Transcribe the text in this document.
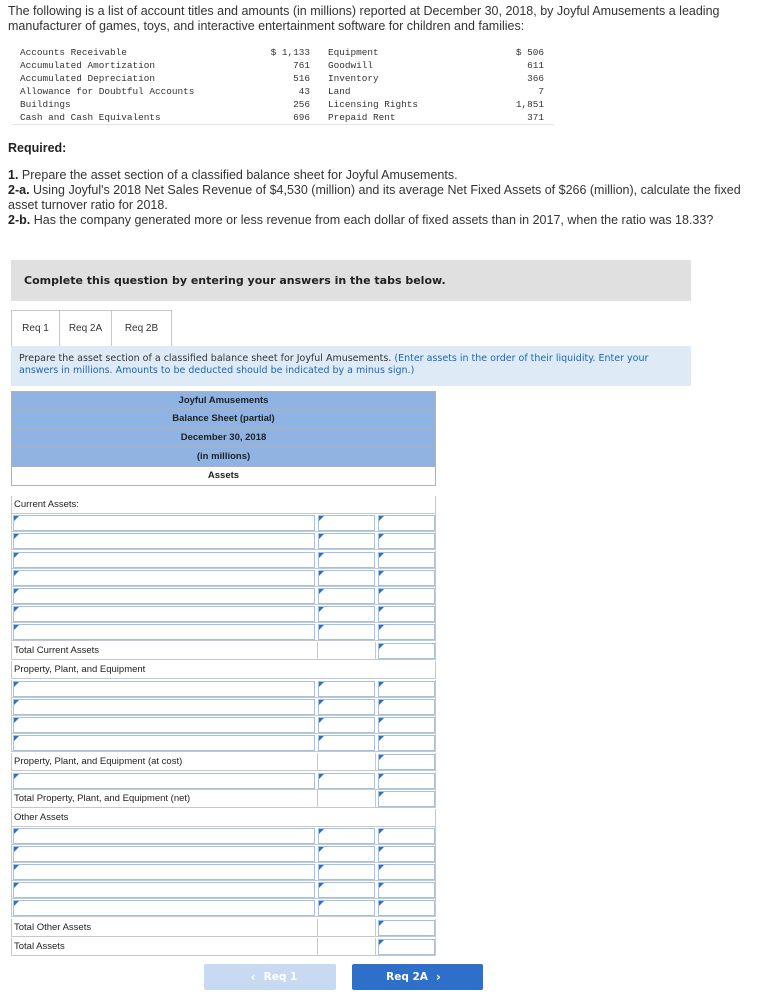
The following is a list of account titles and amounts (in millions) reported at December 30, 2018, by Joyful Amusements a leading manufacturer of games, toys, and interactive entertainment software for children and families:
Accounts Receivable	$ 1,133	Equipment	$ 506
Accumulated Amortization	761	Goodwill	611
Accumulated Depreciation	516	Inventory	366
Allowance for Doubtful Accounts	43	Land	7
Buildings	256	Licensing Rights	1,851
Cash and Cash Equivalents	696	Prepaid Rent	371
Required:
1. Prepare the asset section of a classified balance sheet for Joyful Amusements.
2-a. Using Joyful's 2018 Net Sales Revenue of $4,530 (million) and its average Net Fixed Assets of $266 (million), calculate the fixed asset turnover ratio for 2018.
2-b. Has the company generated more or less revenue from each dollar of fixed assets than in 2017, when the ratio was 18.33?
Complete this question by entering your answers in the tabs below.
Req 1	Req 2A	Req 2B
Prepare the asset section of a classified balance sheet for Joyful Amusements. (Enter assets in the order of their liquidity. Enter your answers in millions. Amounts to be deducted should be indicated by a minus sign.)
Joyful Amusements
Balance Sheet (partial)
December 30, 2018
(in millions)
Assets
Current Assets:
Total Current Assets
Property, Plant, and Equipment
Property, Plant, and Equipment (at cost)
Total Property, Plant, and Equipment (net)
Other Assets
Total Other Assets
Total Assets
‹ Req 1	Req 2A ›
